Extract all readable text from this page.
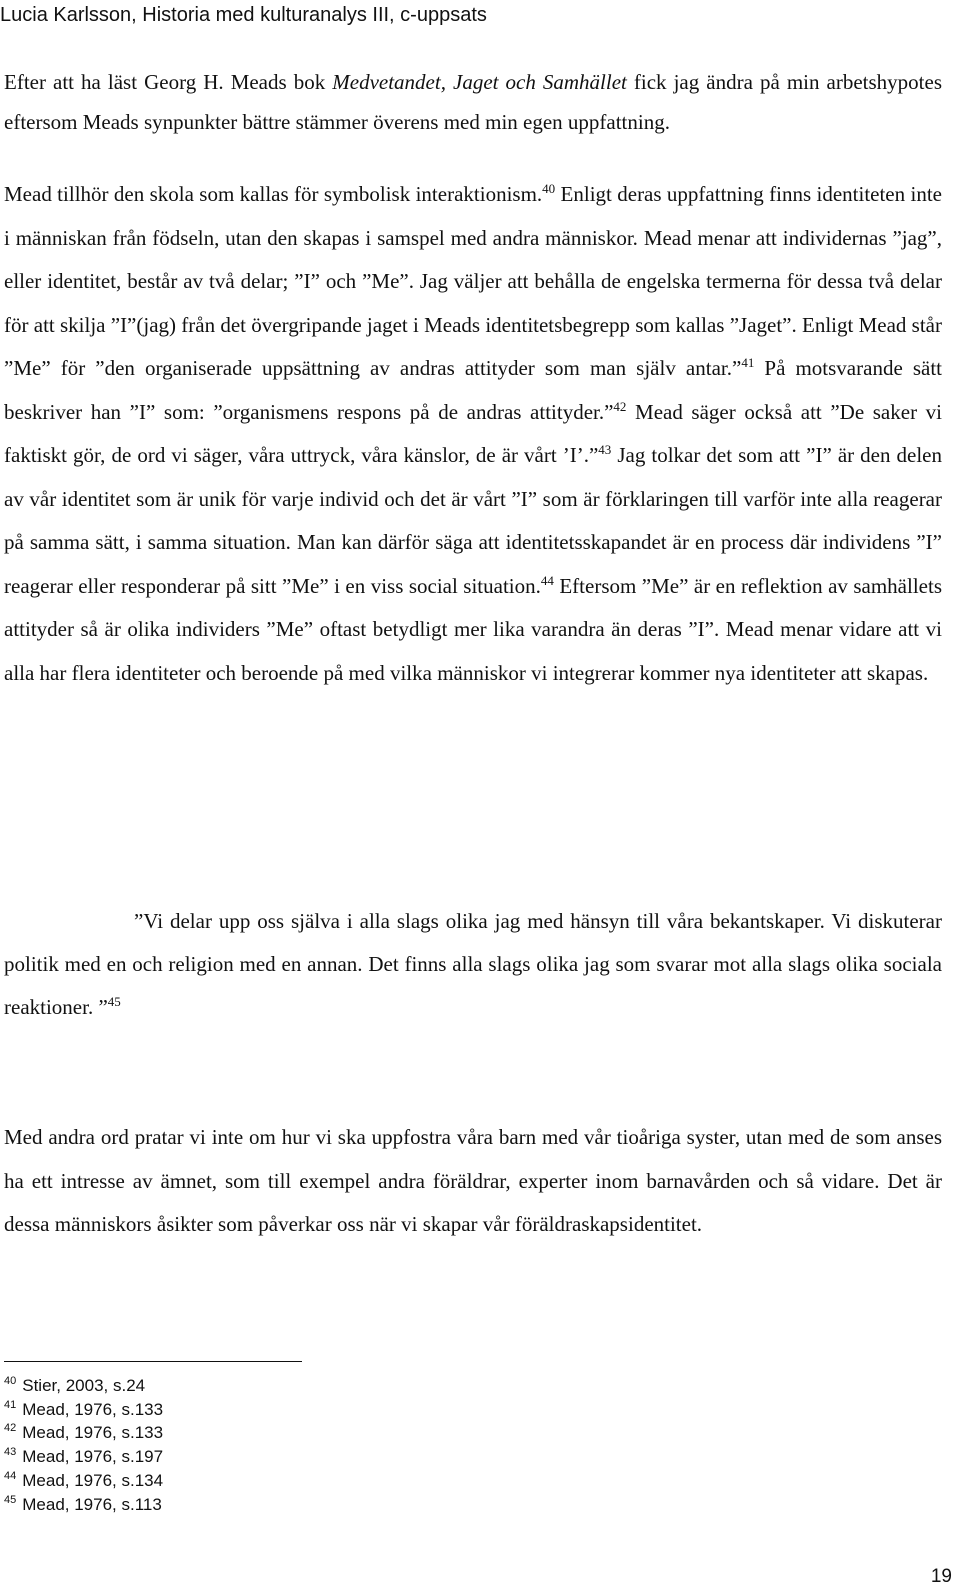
Lucia Karlsson, Historia med kulturanalys III, c-uppsats

Efter att ha läst Georg H. Meads bok Medvetandet, Jaget och Samhället fick jag ändra på min arbetshypotes eftersom Meads synpunkter bättre stämmer överens med min egen uppfattning.

Mead tillhör den skola som kallas för symbolisk interaktionism.$^{40}$ Enligt deras uppfattning finns identiteten inte i människan från födseln, utan den skapas i samspel med andra människor. Mead menar att individernas ”jag”, eller identitet, består av två delar; ”I” och ”Me”. Jag väljer att behålla de engelska termerna för dessa två delar för att skilja ”I”(jag) från det övergripande jaget i Meads identitetsbegrepp som kallas ”Jaget”. Enligt Mead står ”Me” för ”den organiserade uppsättning av andras attityder som man själv antar.”$^{41}$ På motsvarande sätt beskriver han ”I” som: ”organismens respons på de andras attityder.”$^{42}$ Mead säger också att ”De saker vi faktiskt gör, de ord vi säger, våra uttryck, våra känslor, de är vårt ’I’.”$^{43}$ Jag tolkar det som att ”I” är den delen av vår identitet som är unik för varje individ och det är vårt ”I” som är förklaringen till varför inte alla reagerar på samma sätt, i samma situation. Man kan därför säga att identitetsskapandet är en process där individens ”I” reagerar eller responderar på sitt ”Me” i en viss social situation.$^{44}$ Eftersom ”Me” är en reflektion av samhällets attityder så är olika individers ”Me” oftast betydligt mer lika varandra än deras ”I”. Mead menar vidare att vi alla har flera identiteter och beroende på med vilka människor vi integrerar kommer nya identiteter att skapas.

”Vi delar upp oss själva i alla slags olika jag med hänsyn till våra bekantskaper. Vi diskuterar politik med en och religion med en annan. Det finns alla slags olika jag som svarar mot alla slags olika sociala reaktioner. ”$^{45}$

Med andra ord pratar vi inte om hur vi ska uppfostra våra barn med vår tioåriga syster, utan med de som anses ha ett intresse av ämnet, som till exempel andra föräldrar, experter inom barnavården och så vidare. Det är dessa människors åsikter som påverkar oss när vi skapar vår föräldraskapsidentitet.

$^{40}$ Stier, 2003, s.24
$^{41}$ Mead, 1976, s.133
$^{42}$ Mead, 1976, s.133
$^{43}$ Mead, 1976, s.197
$^{44}$ Mead, 1976, s.134
$^{45}$ Mead, 1976, s.113
19
